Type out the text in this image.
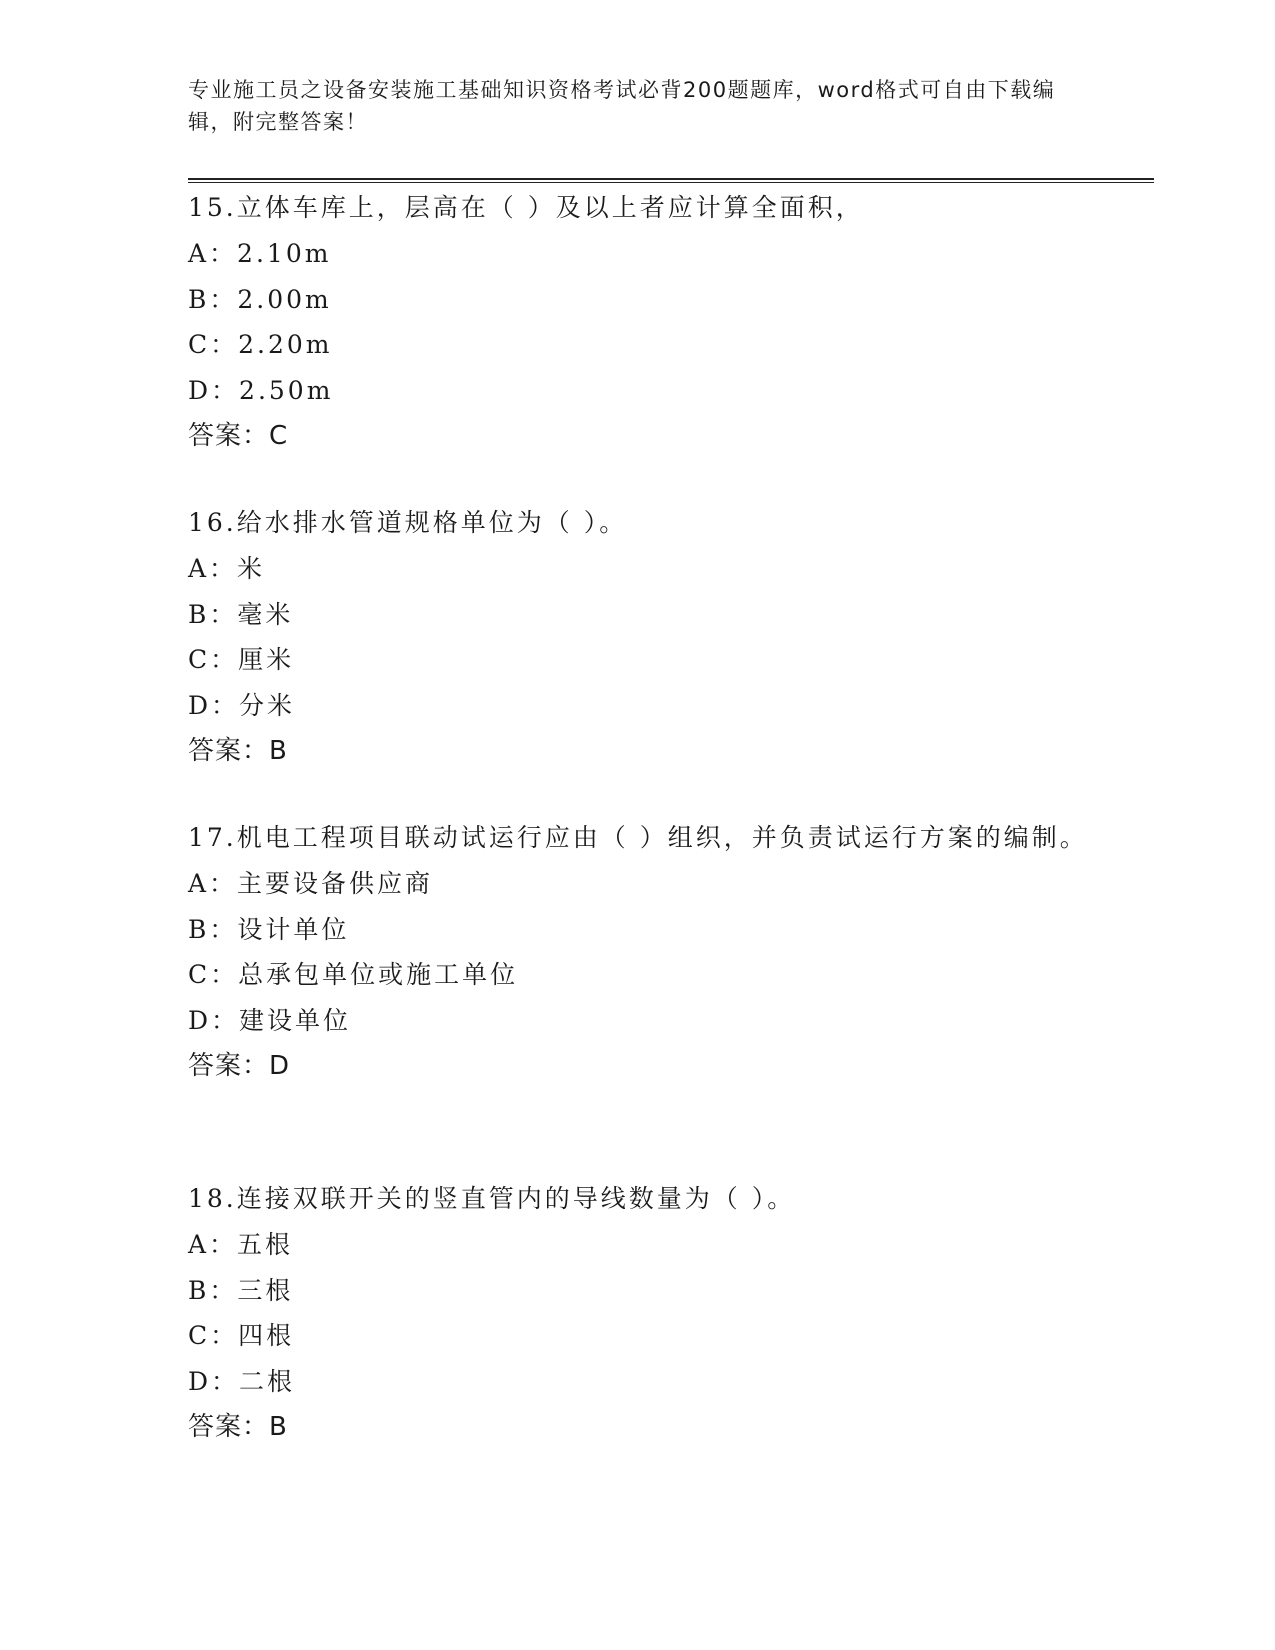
专业施工员之设备安装施工基础知识资格考试必背200题题库，word格式可自由下载编辑，附完整答案！

15.立体车库上，层高在（ ）及以上者应计算全面积，

A：2.10m

B：2.00m

C：2.20m

D：2.50m

答案：C

16.给水排水管道规格单位为（ ）。

A：米

B：毫米

C：厘米

D：分米

答案：B

17.机电工程项目联动试运行应由（ ）组织，并负责试运行方案的编制。

A：主要设备供应商

B：设计单位

C：总承包单位或施工单位

D：建设单位

答案：D

18.连接双联开关的竖直管内的导线数量为（ ）。

A：五根

B：三根

C：四根

D：二根

答案：B
